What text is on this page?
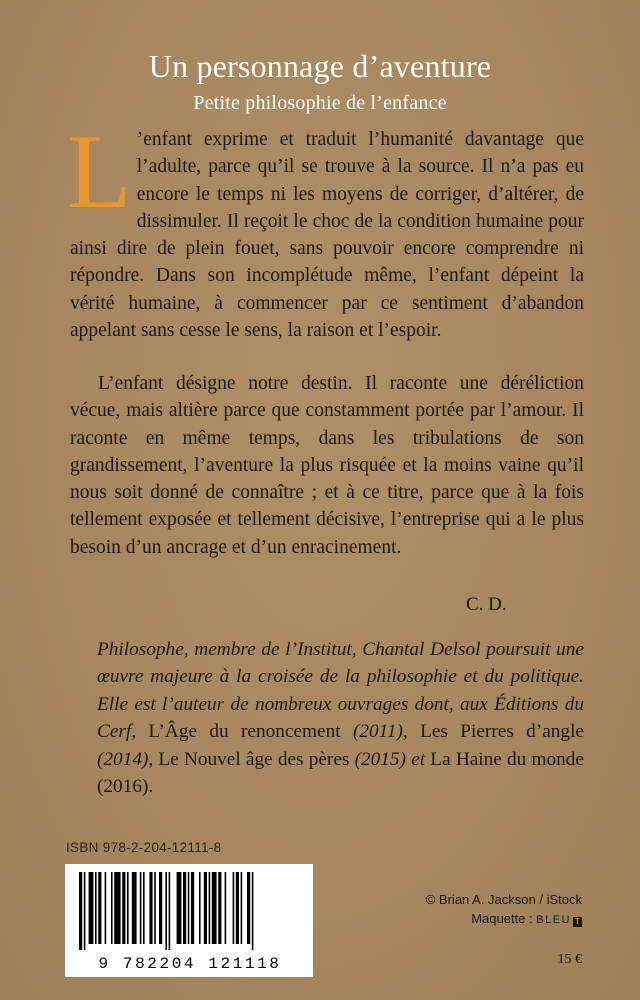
Un personnage d’aventure
Petite philosophie de l’enfance
L ’enfant exprime et traduit l’humanité davantage que l’adulte, parce qu’il se trouve à la source. Il n’a pas eu encore le temps ni les moyens de corriger, d’altérer, de dissimuler. Il reçoit le choc de la condition humaine pour ainsi dire de plein fouet, sans pouvoir encore comprendre ni répondre. Dans son incomplétude même, l’enfant dépeint la vérité humaine, à commencer par ce sentiment d’abandon appelant sans cesse le sens, la raison et l’espoir.
L’enfant désigne notre destin. Il raconte une déréliction vécue, mais altière parce que constamment portée par l’amour. Il raconte en même temps, dans les tribulations de son grandissement, l’aventure la plus risquée et la moins vaine qu’il nous soit donné de connaître ; et à ce titre, parce que à la fois tellement exposée et tellement décisive, l’entreprise qui a le plus besoin d’un ancrage et d’un enracinement.
C. D.
Philosophe, membre de l’Institut, Chantal Delsol poursuit une œuvre majeure à la croisée de la philosophie et du politique. Elle est l’auteur de nombreux ouvrages dont, aux Éditions du Cerf, L’Âge du renoncement (2011), Les Pierres d’angle (2014), Le Nouvel âge des pères (2015) et La Haine du monde (2016).
ISBN 978-2-204-12111-8
9 782204 121118
© Brian A. Jackson / iStock
Maquette : BLEU T
15 €
